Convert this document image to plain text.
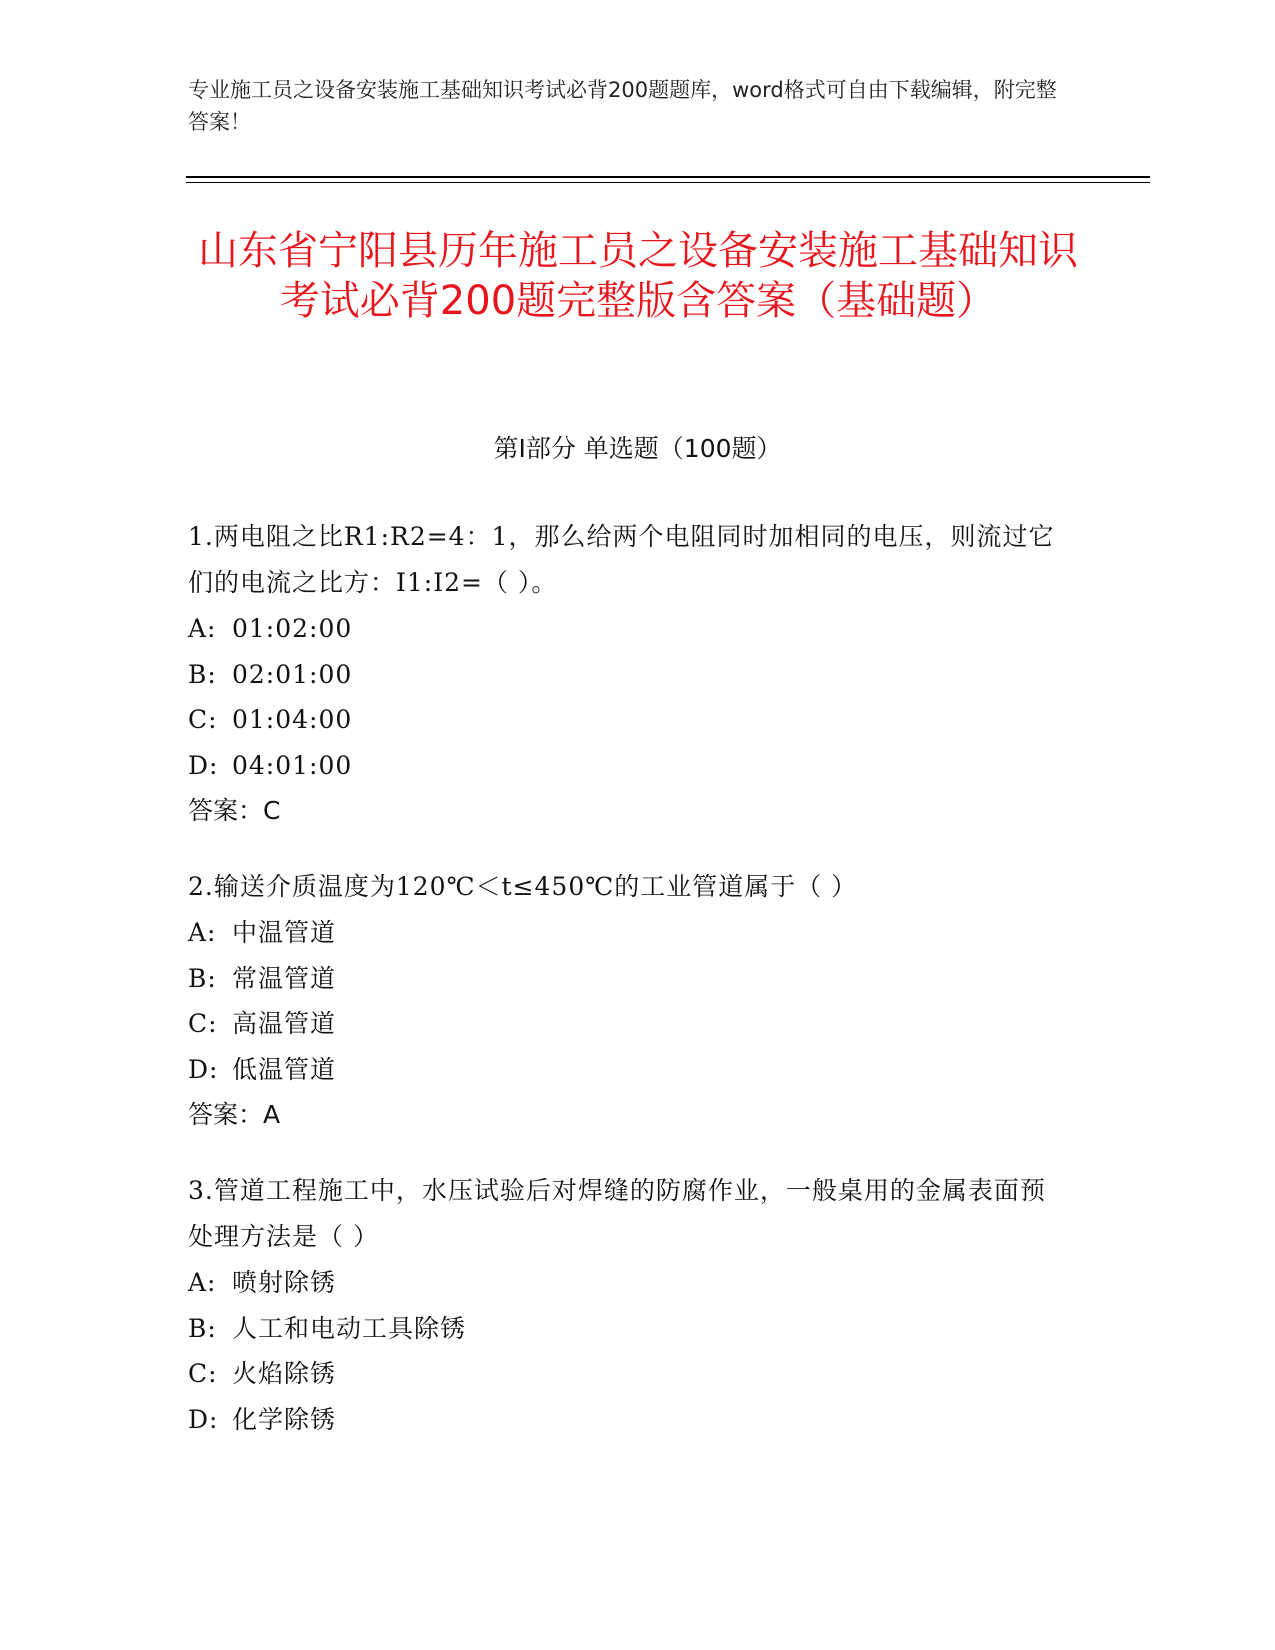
专业施工员之设备安装施工基础知识考试必背200题题库，word格式可自由下载编辑，附完整答案！
山东省宁阳县历年施工员之设备安装施工基础知识考试必背200题完整版含答案（基础题）
第Ⅰ部分 单选题（100题）
1.两电阻之比R1:R2=4：1，那么给两个电阻同时加相同的电压，则流过它们的电流之比方：I1:I2=（ ）。
A: 01:02:00
B: 02:01:00
C: 01:04:00
D: 04:01:00
答案：C
2.输送介质温度为120℃＜t≤450℃的工业管道属于（ ）
A: 中温管道
B: 常温管道
C: 高温管道
D: 低温管道
答案：A
3.管道工程施工中，水压试验后对焊缝的防腐作业，一般桌用的金属表面预处理方法是（ ）
A: 喷射除锈
B: 人工和电动工具除锈
C: 火焰除锈
D: 化学除锈
